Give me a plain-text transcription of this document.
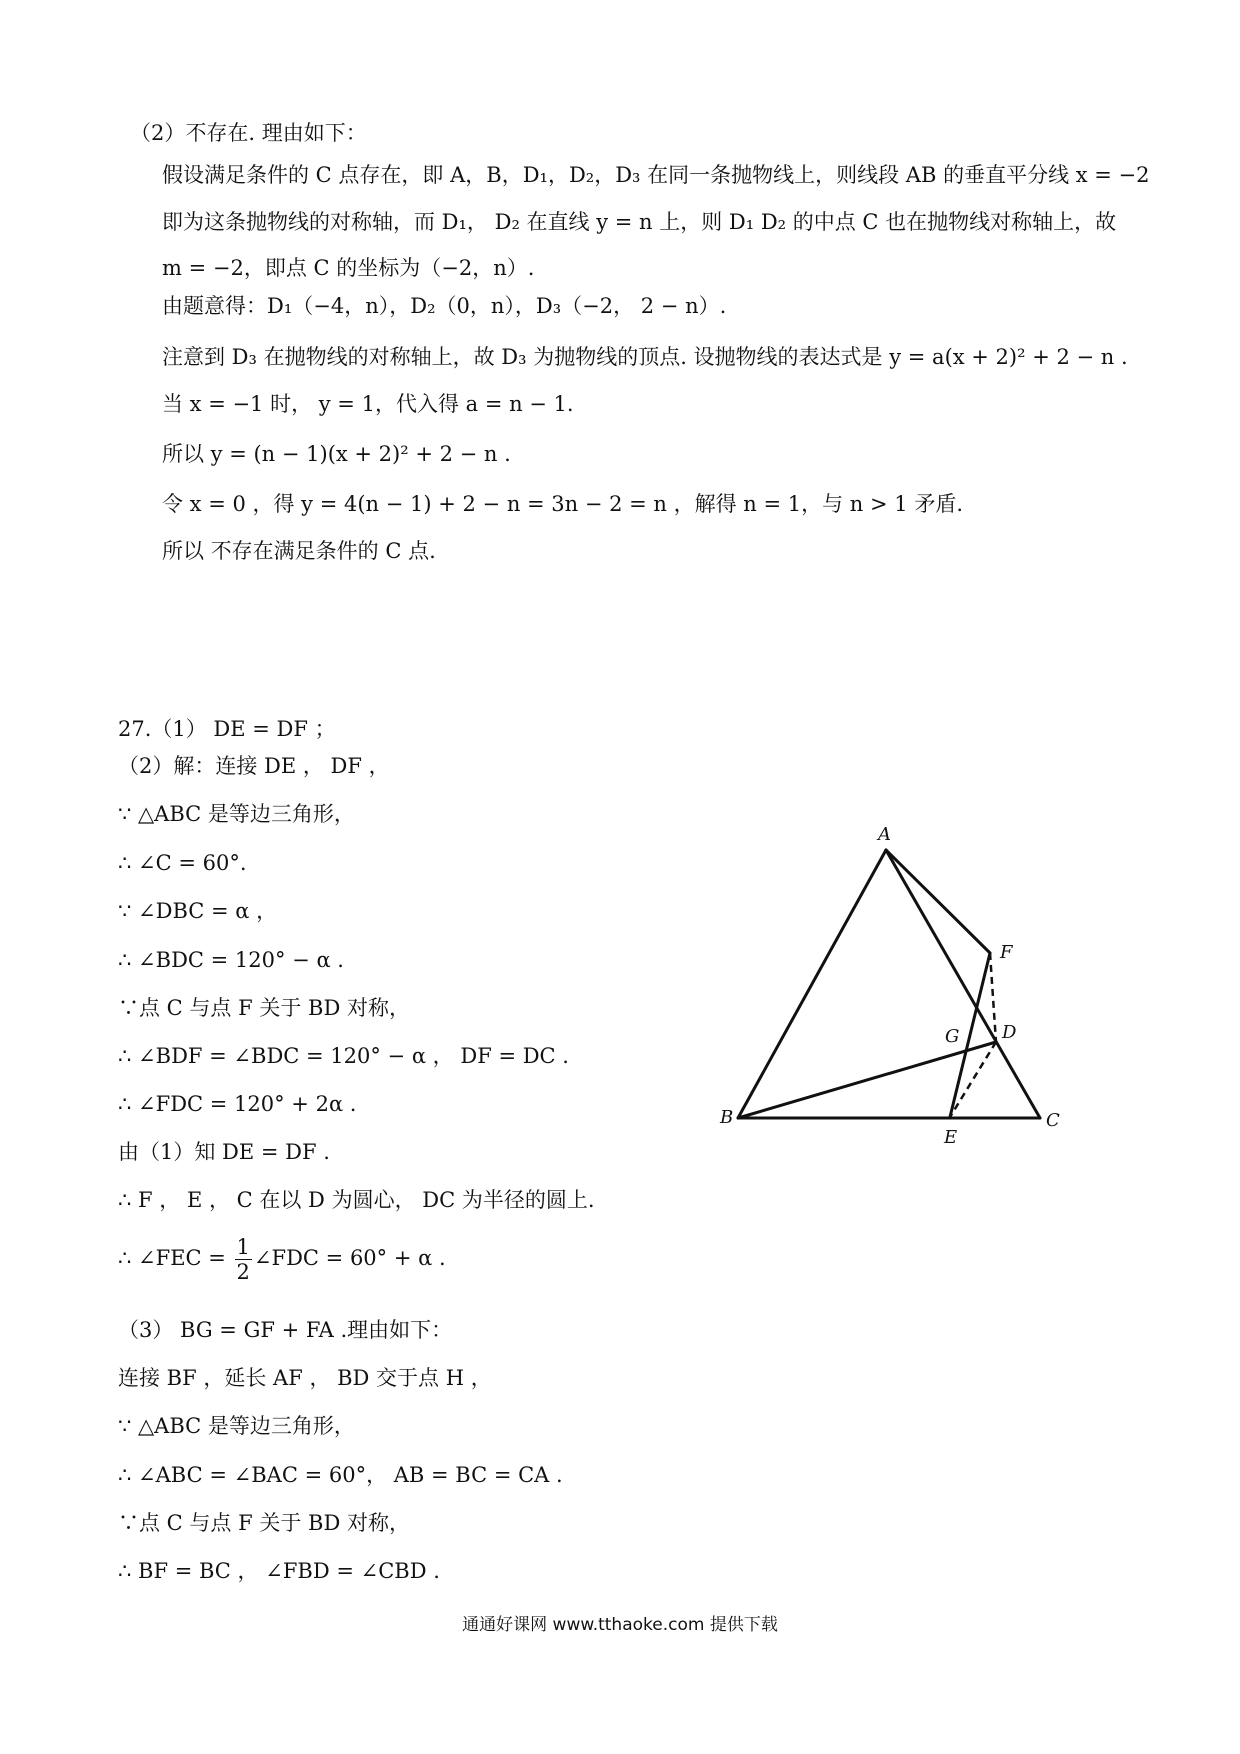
（2）不存在. 理由如下：
假设满足条件的 C 点存在，即 A，B，D₁，D₂，D₃ 在同一条抛物线上，则线段 AB 的垂直平分线 x = −2
即为这条抛物线的对称轴，而 D₁， D₂ 在直线 y = n 上，则 D₁ D₂ 的中点 C 也在抛物线对称轴上，故
m = −2，即点 C 的坐标为（−2，n）.
由题意得：D₁（−4，n），D₂（0，n），D₃（−2， 2 − n）.
注意到 D₃ 在抛物线的对称轴上，故 D₃ 为抛物线的顶点. 设抛物线的表达式是 y = a(x + 2)² + 2 − n .
当 x = −1 时， y = 1，代入得 a = n − 1.
所以 y = (n − 1)(x + 2)² + 2 − n .
令 x = 0 ，得 y = 4(n − 1) + 2 − n = 3n − 2 = n ，解得 n = 1，与 n > 1 矛盾.
所以 不存在满足条件的 C 点.
27.（1） DE = DF ；
（2）解：连接 DE ， DF ，
∵ △ABC 是等边三角形，
∴ ∠C = 60°.
∵ ∠DBC = α ，
∴ ∠BDC = 120° − α .
∵点 C 与点 F 关于 BD 对称，
∴ ∠BDF = ∠BDC = 120° − α ， DF = DC .
∴ ∠FDC = 120° + 2α .
由（1）知 DE = DF .
∴ F ， E ， C 在以 D 为圆心， DC 为半径的圆上.
∴ ∠FEC = $\frac{1}{2}$ ∠FDC = 60° + α .
（3） BG = GF + FA .理由如下：
连接 BF ，延长 AF ， BD 交于点 H ，
∵ △ABC 是等边三角形，
∴ ∠ABC = ∠BAC = 60°， AB = BC = CA .
∵点 C 与点 F 关于 BD 对称，
∴ BF = BC ， ∠FBD = ∠CBD .
A
F
G D
B
E
C
通通好课网 www.tthaoke.com 提供下载
